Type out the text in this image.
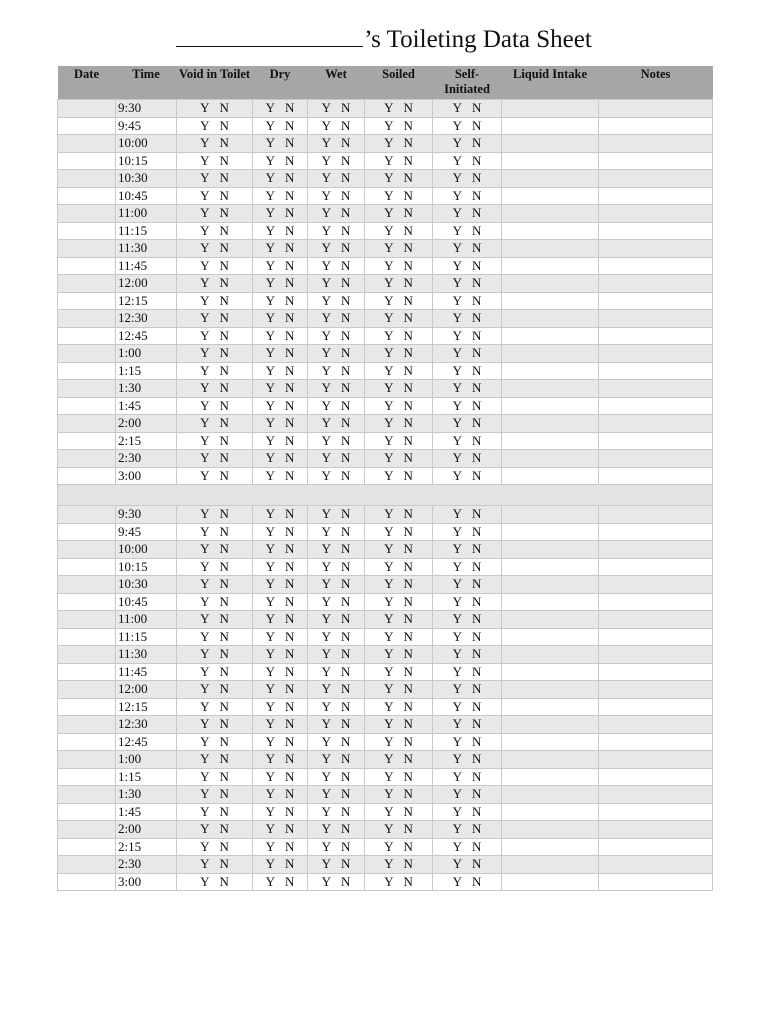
’s Toileting Data Sheet
Date	Time	Void in Toilet	Dry	Wet	Soiled	Self-Initiated	Liquid Intake	Notes
	9:30	Y N	Y N	Y N	Y N	Y N		
	9:45	Y N	Y N	Y N	Y N	Y N		
	10:00	Y N	Y N	Y N	Y N	Y N		
	10:15	Y N	Y N	Y N	Y N	Y N		
	10:30	Y N	Y N	Y N	Y N	Y N		
	10:45	Y N	Y N	Y N	Y N	Y N		
	11:00	Y N	Y N	Y N	Y N	Y N		
	11:15	Y N	Y N	Y N	Y N	Y N		
	11:30	Y N	Y N	Y N	Y N	Y N		
	11:45	Y N	Y N	Y N	Y N	Y N		
	12:00	Y N	Y N	Y N	Y N	Y N		
	12:15	Y N	Y N	Y N	Y N	Y N		
	12:30	Y N	Y N	Y N	Y N	Y N		
	12:45	Y N	Y N	Y N	Y N	Y N		
	1:00	Y N	Y N	Y N	Y N	Y N		
	1:15	Y N	Y N	Y N	Y N	Y N		
	1:30	Y N	Y N	Y N	Y N	Y N		
	1:45	Y N	Y N	Y N	Y N	Y N		
	2:00	Y N	Y N	Y N	Y N	Y N		
	2:15	Y N	Y N	Y N	Y N	Y N		
	2:30	Y N	Y N	Y N	Y N	Y N		
	3:00	Y N	Y N	Y N	Y N	Y N		

	9:30	Y N	Y N	Y N	Y N	Y N		
	9:45	Y N	Y N	Y N	Y N	Y N		
	10:00	Y N	Y N	Y N	Y N	Y N		
	10:15	Y N	Y N	Y N	Y N	Y N		
	10:30	Y N	Y N	Y N	Y N	Y N		
	10:45	Y N	Y N	Y N	Y N	Y N		
	11:00	Y N	Y N	Y N	Y N	Y N		
	11:15	Y N	Y N	Y N	Y N	Y N		
	11:30	Y N	Y N	Y N	Y N	Y N		
	11:45	Y N	Y N	Y N	Y N	Y N		
	12:00	Y N	Y N	Y N	Y N	Y N		
	12:15	Y N	Y N	Y N	Y N	Y N		
	12:30	Y N	Y N	Y N	Y N	Y N		
	12:45	Y N	Y N	Y N	Y N	Y N		
	1:00	Y N	Y N	Y N	Y N	Y N		
	1:15	Y N	Y N	Y N	Y N	Y N		
	1:30	Y N	Y N	Y N	Y N	Y N		
	1:45	Y N	Y N	Y N	Y N	Y N		
	2:00	Y N	Y N	Y N	Y N	Y N		
	2:15	Y N	Y N	Y N	Y N	Y N		
	2:30	Y N	Y N	Y N	Y N	Y N		
	3:00	Y N	Y N	Y N	Y N	Y N		
